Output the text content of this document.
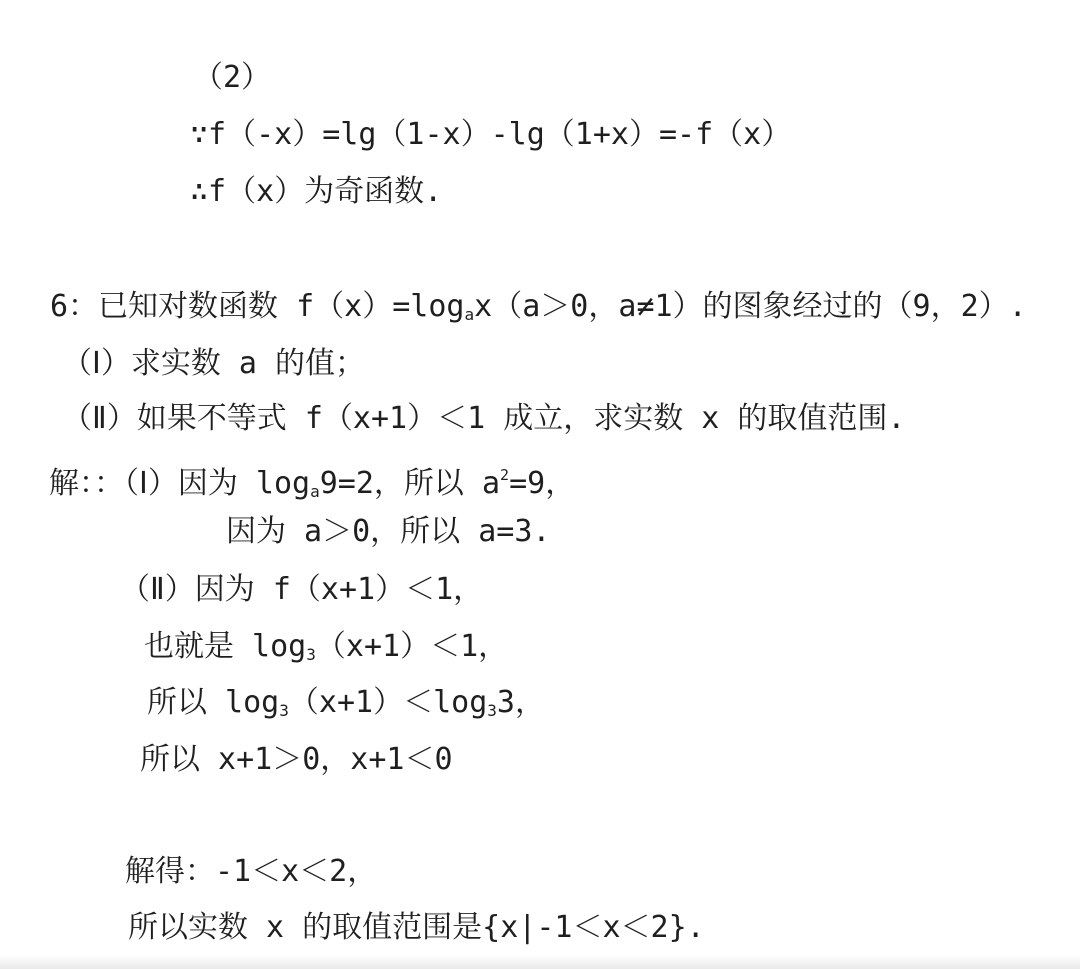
（2）
∵f（-x）=lg（1-x）-lg（1+x）=-f（x）
∴f（x）为奇函数.
6：已知对数函数 $f(x)=\log_ax(a>0$，a≠1）的图象经过的（9，2）.
（Ⅰ）求实数 a 的值；
（Ⅱ）如果不等式 f（x+1）＜1 成立，求实数 x 的取值范围.
解：：（Ⅰ）因为 $\log_a9=2$，所以 $a^2=9$，
因为 a＞0，所以 a=3.
（Ⅱ）因为 f（x+1）＜1，
也就是 $\log_3(x+1)<1$，
所以 $\log_3(x+1)<\log_33$，
所以 x+1＞0，x+1＜0
解得：-1＜x＜2，
所以实数 x 的取值范围是{x|-1＜x＜2}.
